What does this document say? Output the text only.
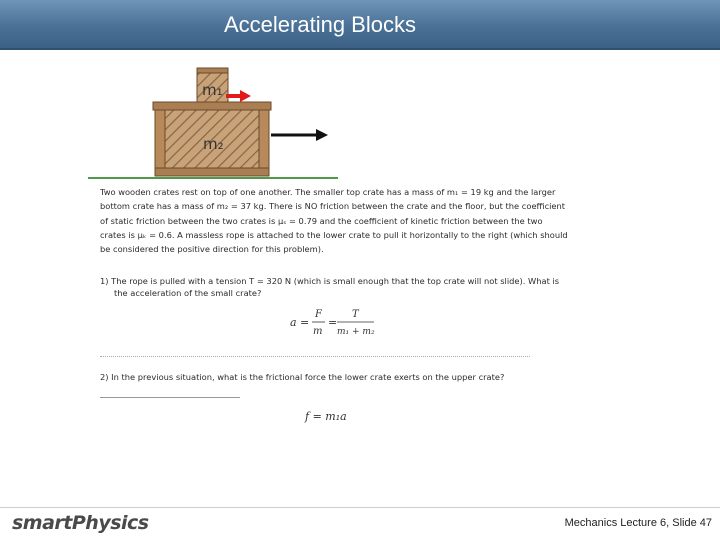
Accelerating Blocks
m₂
m₁

Two wooden crates rest on top of one another. The smaller top crate has a mass of m₁ = 19 kg and the larger

bottom crate has a mass of m₂ = 37 kg. There is NO friction between the crate and the floor, but the coefficient

of static friction between the two crates is μₛ = 0.79 and the coefficient of kinetic friction between the two

crates is μₖ = 0.6. A massless rope is attached to the lower crate to pull it horizontally to the right (which should

be considered the positive direction for this problem).

1) The rope is pulled with a tension T = 320 N (which is small enough that the top crate will not slide). What is
the acceleration of the small crate?
a =
F
m
=
T
m₁ + m₂
2) In the previous situation, what is the frictional force the lower crate exerts on the upper crate?
f = m₁a
smartPhysics	Mechanics Lecture 6, Slide 47
